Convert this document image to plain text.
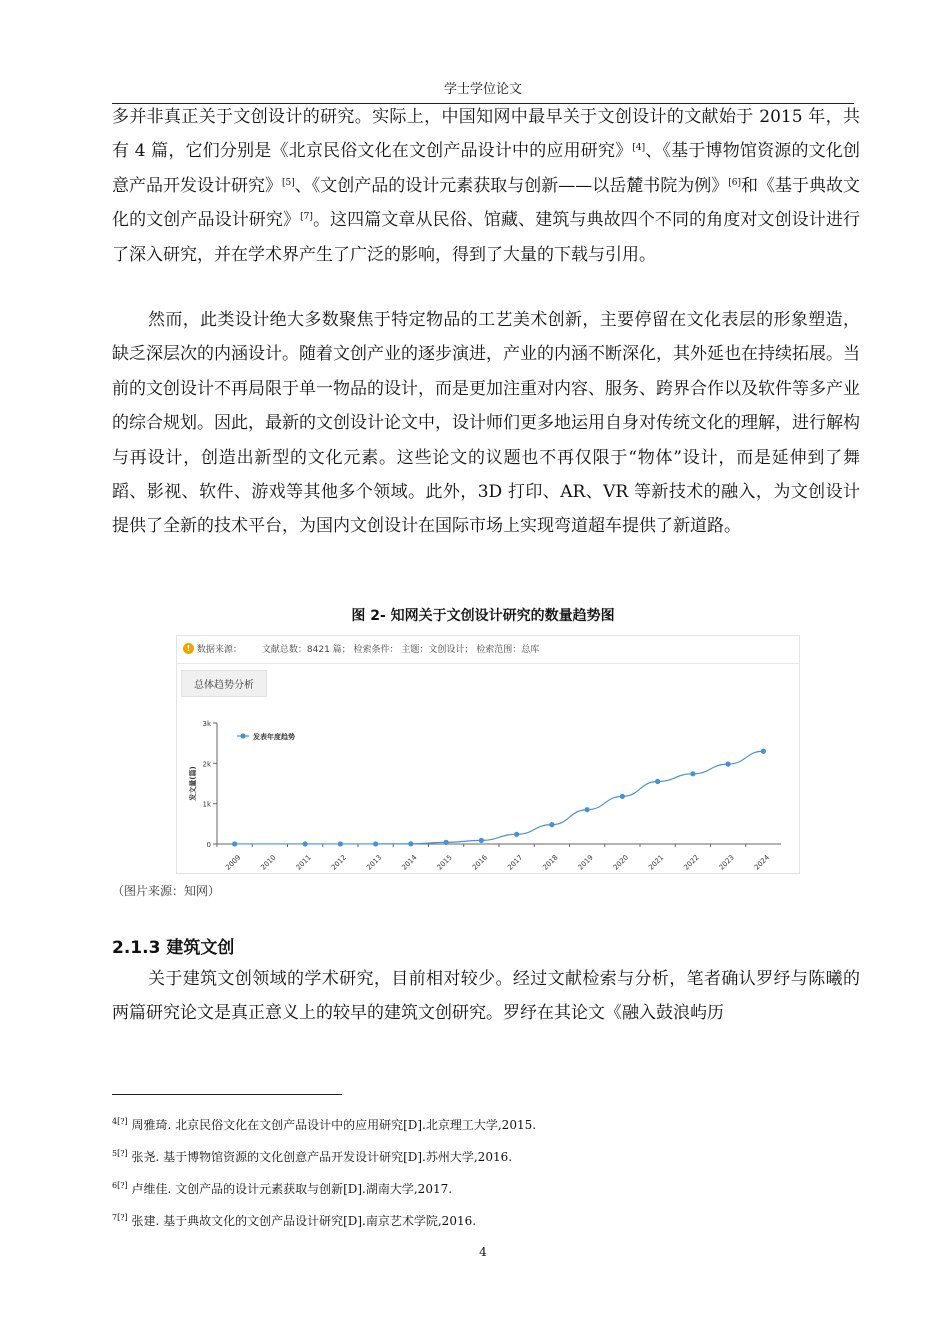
学士学位论文

多并非真正关于文创设计的研究。实际上，中国知网中最早关于文创设计的文献始于 2015 年，共有 4 篇，它们分别是《北京民俗文化在文创产品设计中的应用研究》[4]、《基于博物馆资源的文化创意产品开发设计研究》[5]、《文创产品的设计元素获取与创新——以岳麓书院为例》[6]和《基于典故文化的文创产品设计研究》[7]。这四篇文章从民俗、馆藏、建筑与典故四个不同的角度对文创设计进行了深入研究，并在学术界产生了广泛的影响，得到了大量的下载与引用。

然而，此类设计绝大多数聚焦于特定物品的工艺美术创新，主要停留在文化表层的形象塑造，缺乏深层次的内涵设计。随着文创产业的逐步演进，产业的内涵不断深化，其外延也在持续拓展。当前的文创设计不再局限于单一物品的设计，而是更加注重对内容、服务、跨界合作以及软件等多产业的综合规划。因此，最新的文创设计论文中，设计师们更多地运用自身对传统文化的理解，进行解构与再设计，创造出新型的文化元素。这些论文的议题也不再仅限于“物体”设计，而是延伸到了舞蹈、影视、软件、游戏等其他多个领域。此外，3D 打印、AR、VR 等新技术的融入，为文创设计提供了全新的技术平台，为国内文创设计在国际市场上实现弯道超车提供了新道路。

图 2- 知网关于文创设计研究的数量趋势图
! 数据来源： 文献总数：8421 篇； 检索条件： 主题：文创设计； 检索范围：总库
总体趋势分析
0
1k
2k
3k
发文量(篇)
2009 2010 2011 2012 2013 2014 2015 2016 2017 2018 2019 2020 2021 2022 2023 2024
发表年度趋势
（图片来源：知网）
2.1.3 建筑文创

关于建筑文创领域的学术研究，目前相对较少。经过文献检索与分析，笔者确认罗纾与陈曦的两篇研究论文是真正意义上的较早的建筑文创研究。罗纾在其论文《融入鼓浪屿历

$^{4[?]}$ 周雅琦. 北京民俗文化在文创产品设计中的应用研究[D].北京理工大学,2015.
$^{5[?]}$ 张尧. 基于博物馆资源的文化创意产品开发设计研究[D].苏州大学,2016.
$^{6[?]}$ 卢维佳. 文创产品的设计元素获取与创新[D].湖南大学,2017.
$^{7[?]}$ 张建. 基于典故文化的文创产品设计研究[D].南京艺术学院,2016.
4
